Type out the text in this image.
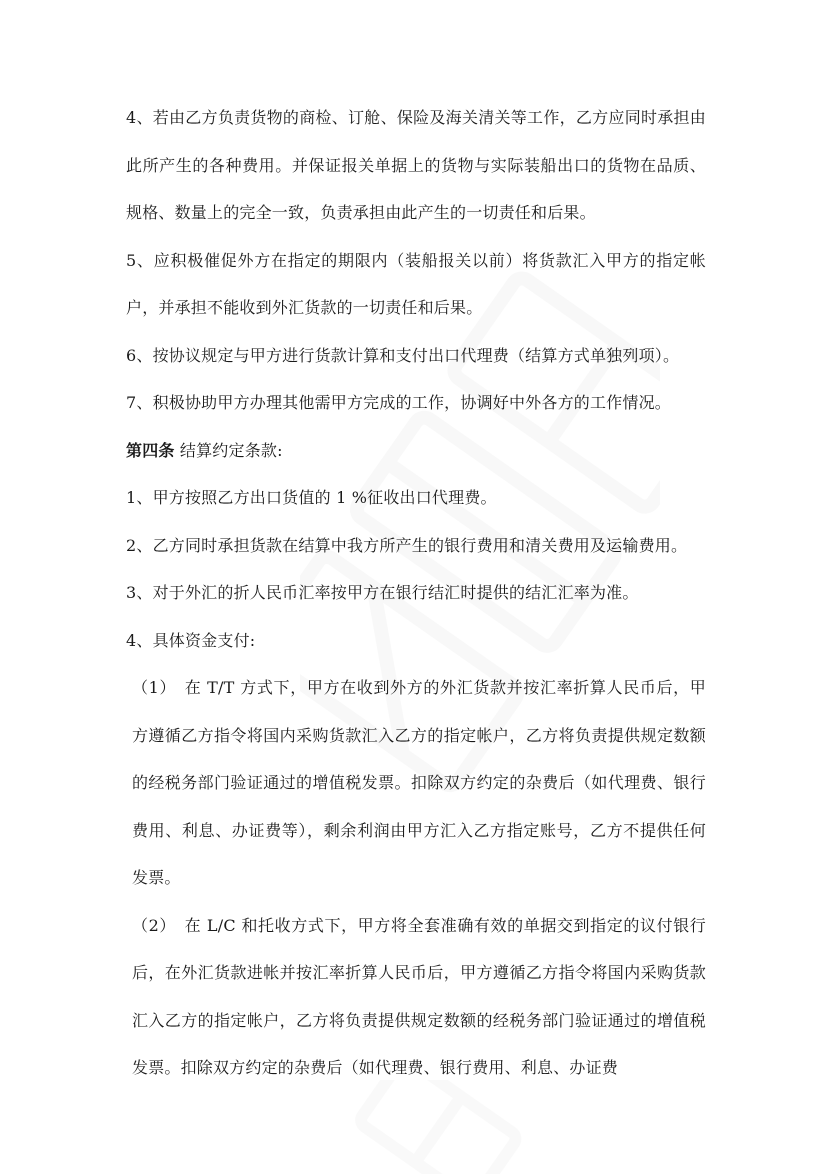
4、若由乙方负责货物的商检、订舱、保险及海关清关等工作，乙方应同时承担由此所产生的各种费用。并保证报关单据上的货物与实际装船出口的货物在品质、规格、数量上的完全一致，负责承担由此产生的一切责任和后果。

5、应积极催促外方在指定的期限内（装船报关以前）将货款汇入甲方的指定帐户，并承担不能收到外汇货款的一切责任和后果。

6、按协议规定与甲方进行货款计算和支付出口代理费（结算方式单独列项）。

7、积极协助甲方办理其他需甲方完成的工作，协调好中外各方的工作情况。

第四条 结算约定条款:

1、甲方按照乙方出口货值的 1 %征收出口代理费。

2、乙方同时承担货款在结算中我方所产生的银行费用和清关费用及运输费用。

3、对于外汇的折人民币汇率按甲方在银行结汇时提供的结汇汇率为准。

4、具体资金支付:

（1）　在 T/T 方式下，甲方在收到外方的外汇货款并按汇率折算人民币后，甲方遵循乙方指令将国内采购货款汇入乙方的指定帐户，乙方将负责提供规定数额的经税务部门验证通过的增值税发票。扣除双方约定的杂费后（如代理费、银行费用、利息、办证费等），剩余利润由甲方汇入乙方指定账号，乙方不提供任何发票。

（2）　在 L/C 和托收方式下，甲方将全套准确有效的单据交到指定的议付银行后，在外汇货款进帐并按汇率折算人民币后，甲方遵循乙方指令将国内采购货款汇入乙方的指定帐户，乙方将负责提供规定数额的经税务部门验证通过的增值税发票。扣除双方约定的杂费后（如代理费、银行费用、利息、办证费
